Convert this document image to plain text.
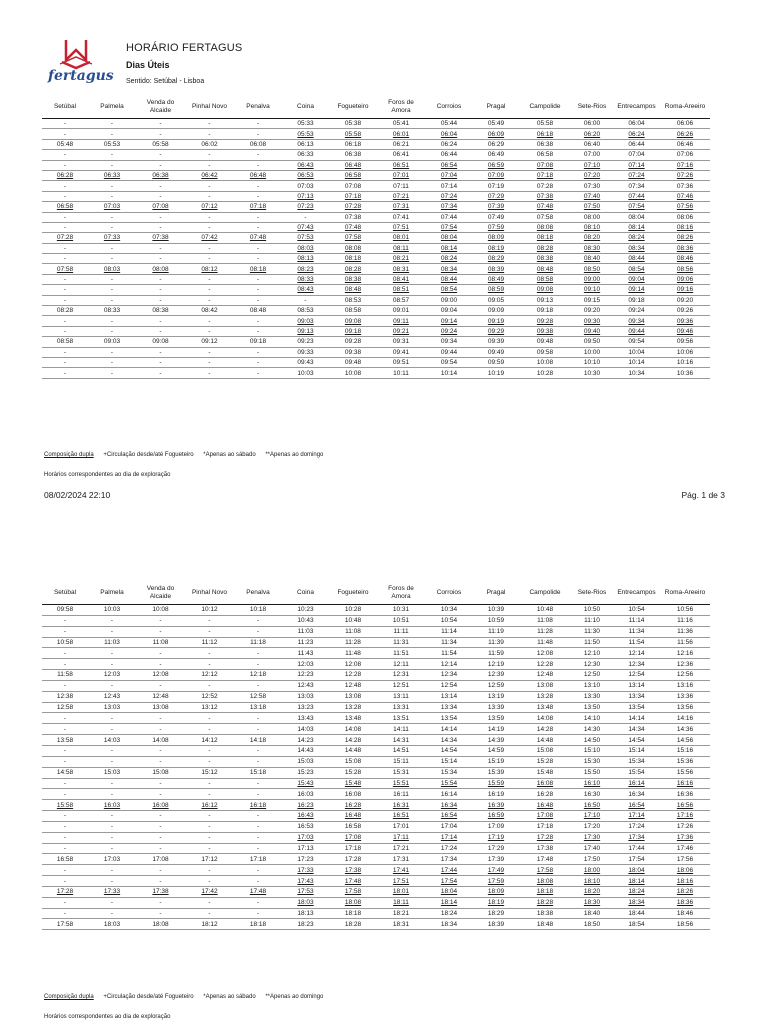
fertagus
HORÁRIO FERTAGUS
Dias Úteis
Sentido: Setúbal - Lisboa
Setúbal	Palmela	Venda do Alcaide	Pinhal Novo	Penalva	Coina	Fogueteiro	Foros de Amora	Corroios	Pragal	Campolide	Sete-Rios	Entrecampos	Roma-Areeiro
-	-	-	-	-	05:33	05:38	05:41	05:44	05:49	05:58	06:00	06:04	06:06
-	-	-	-	-	05:53	05:58	06:01	06:04	06:09	06:18	06:20	06:24	06:26
05:48	05:53	05:58	06:02	06:08	06:13	06:18	06:21	06:24	06:29	06:38	06:40	06:44	06:46
-	-	-	-	-	06:33	06:38	06:41	06:44	06:49	06:58	07:00	07:04	07:06
-	-	-	-	-	06:43	06:48	06:51	06:54	06:59	07:08	07:10	07:14	07:16
06:28	06:33	06:38	06:42	06:48	06:53	06:58	07:01	07:04	07:09	07:18	07:20	07:24	07:26
-	-	-	-	-	07:03	07:08	07:11	07:14	07:19	07:28	07:30	07:34	07:36
-	-	-	-	-	07:13	07:18	07:21	07:24	07:29	07:38	07:40	07:44	07:46
06:58	07:03	07:08	07:12	07:18	07:23	07:28	07:31	07:34	07:39	07:48	07:50	07:54	07:56
-	-	-	-	-	-	07:38	07:41	07:44	07:49	07:58	08:00	08:04	08:06
-	-	-	-	-	07:43	07:48	07:51	07:54	07:59	08:08	08:10	08:14	08:16
07:28	07:33	07:38	07:42	07:48	07:53	07:58	08:01	08:04	08:09	08:18	08:20	08:24	08:26
-	-	-	-	-	08:03	08:08	08:11	08:14	08:19	08:28	08:30	08:34	08:36
-	-	-	-	-	08:13	08:18	08:21	08:24	08:29	08:38	08:40	08:44	08:46
07:58	08:03	08:08	08:12	08:18	08:23	08:28	08:31	08:34	08:39	08:48	08:50	08:54	08:56
-	-	-	-	-	08:33	08:38	08:41	08:44	08:49	08:58	09:00	09:04	09:06
-	-	-	-	-	08:43	08:48	08:51	08:54	08:59	09:08	09:10	09:14	09:16
-	-	-	-	-	-	08:53	08:57	09:00	09:05	09:13	09:15	09:18	09:20
08:28	08:33	08:38	08:42	08:48	08:53	08:58	09:01	09:04	09:09	09:18	09:20	09:24	09:26
-	-	-	-	-	09:03	09:08	09:11	09:14	09:19	09:28	09:30	09:34	09:36
-	-	-	-	-	09:13	09:18	09:21	09:24	09:29	09:38	09:40	09:44	09:46
08:58	09:03	09:08	09:12	09:18	09:23	09:28	09:31	09:34	09:39	09:48	09:50	09:54	09:56
-	-	-	-	-	09:33	09:38	09:41	09:44	09:49	09:58	10:00	10:04	10:06
-	-	-	-	-	09:43	09:48	09:51	09:54	09:59	10:08	10:10	10:14	10:16
-	-	-	-	-	10:03	10:08	10:11	10:14	10:19	10:28	10:30	10:34	10:36
Composição dupla +Circulação desde/até Fogueteiro *Apenas ao sábado **Apenas ao domingo
Horários correspondentes ao dia de exploração
08/02/2024 22:10	Pág. 1 de 3
Setúbal	Palmela	Venda do Alcaide	Pinhal Novo	Penalva	Coina	Fogueteiro	Foros de Amora	Corroios	Pragal	Campolide	Sete-Rios	Entrecampos	Roma-Areeiro
09:58	10:03	10:08	10:12	10:18	10:23	10:28	10:31	10:34	10:39	10:48	10:50	10:54	10:56
-	-	-	-	-	10:43	10:48	10:51	10:54	10:59	11:08	11:10	11:14	11:16
-	-	-	-	-	11:03	11:08	11:11	11:14	11:19	11:28	11:30	11:34	11:36
10:58	11:03	11:08	11:12	11:18	11:23	11:28	11:31	11:34	11:39	11:48	11:50	11:54	11:56
-	-	-	-	-	11:43	11:48	11:51	11:54	11:59	12:08	12:10	12:14	12:16
-	-	-	-	-	12:03	12:08	12:11	12:14	12:19	12:28	12:30	12:34	12:36
11:58	12:03	12:08	12:12	12:18	12:23	12:28	12:31	12:34	12:39	12:48	12:50	12:54	12:56
-	-	-	-	-	12:43	12:48	12:51	12:54	12:59	13:08	13:10	13:14	13:16
12:38	12:43	12:48	12:52	12:58	13:03	13:08	13:11	13:14	13:19	13:28	13:30	13:34	13:36
12:58	13:03	13:08	13:12	13:18	13:23	13:28	13:31	13:34	13:39	13:48	13:50	13:54	13:56
-	-	-	-	-	13:43	13:48	13:51	13:54	13:59	14:08	14:10	14:14	14:16
-	-	-	-	-	14:03	14:08	14:11	14:14	14:19	14:28	14:30	14:34	14:36
13:58	14:03	14:08	14:12	14:18	14:23	14:28	14:31	14:34	14:39	14:48	14:50	14:54	14:56
-	-	-	-	-	14:43	14:48	14:51	14:54	14:59	15:08	15:10	15:14	15:16
-	-	-	-	-	15:03	15:08	15:11	15:14	15:19	15:28	15:30	15:34	15:36
14:58	15:03	15:08	15:12	15:18	15:23	15:28	15:31	15:34	15:39	15:48	15:50	15:54	15:56
-	-	-	-	-	15:43	15:48	15:51	15:54	15:59	16:08	16:10	16:14	16:16
-	-	-	-	-	16:03	16:08	16:11	16:14	16:19	16:28	16:30	16:34	16:36
15:58	16:03	16:08	16:12	16:18	16:23	16:28	16:31	16:34	16:39	16:48	16:50	16:54	16:56
-	-	-	-	-	16:43	16:48	16:51	16:54	16:59	17:08	17:10	17:14	17:16
-	-	-	-	-	16:53	16:58	17:01	17:04	17:09	17:18	17:20	17:24	17:26
-	-	-	-	-	17:03	17:08	17:11	17:14	17:19	17:28	17:30	17:34	17:36
-	-	-	-	-	17:13	17:18	17:21	17:24	17:29	17:38	17:40	17:44	17:46
16:58	17:03	17:08	17:12	17:18	17:23	17:28	17:31	17:34	17:39	17:48	17:50	17:54	17:56
-	-	-	-	-	17:33	17:38	17:41	17:44	17:49	17:58	18:00	18:04	18:06
-	-	-	-	-	17:43	17:48	17:51	17:54	17:59	18:08	18:10	18:14	18:16
17:28	17:33	17:38	17:42	17:48	17:53	17:58	18:01	18:04	18:09	18:18	18:20	18:24	18:26
-	-	-	-	-	18:03	18:08	18:11	18:14	18:19	18:28	18:30	18:34	18:36
-	-	-	-	-	18:13	18:18	18:21	18:24	18:29	18:38	18:40	18:44	18:46
17:58	18:03	18:08	18:12	18:18	18:23	18:28	18:31	18:34	18:39	18:48	18:50	18:54	18:56
Composição dupla +Circulação desde/até Fogueteiro *Apenas ao sábado **Apenas ao domingo
Horários correspondentes ao dia de exploração
